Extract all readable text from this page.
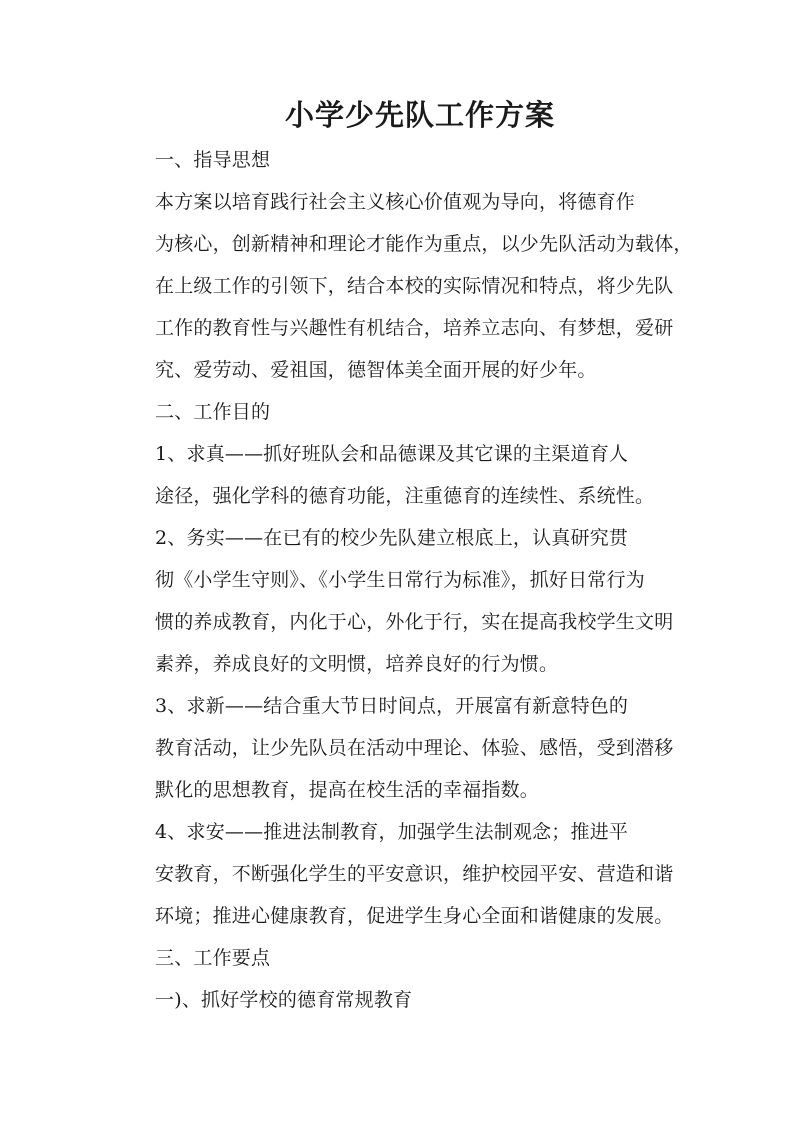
小学少先队工作方案
一、指导思想
本方案以培育践行社会主义核心价值观为导向，将德育作
为核心，创新精神和理论才能作为重点，以少先队活动为载体，
在上级工作的引领下，结合本校的实际情况和特点，将少先队
工作的教育性与兴趣性有机结合，培养立志向、有梦想，爱研
究、爱劳动、爱祖国，德智体美全面开展的好少年。
二、工作目的
1、求真——抓好班队会和品德课及其它课的主渠道育人
途径，强化学科的德育功能，注重德育的连续性、系统性。
2、务实——在已有的校少先队建立根底上，认真研究贯
彻《小学生守则》、《小学生日常行为标准》，抓好日常行为
惯的养成教育，内化于心，外化于行，实在提高我校学生文明
素养，养成良好的文明惯，培养良好的行为惯。
3、求新——结合重大节日时间点，开展富有新意特色的
教育活动，让少先队员在活动中理论、体验、感悟，受到潜移
默化的思想教育，提高在校生活的幸福指数。
4、求安——推进法制教育，加强学生法制观念；推进平
安教育，不断强化学生的平安意识，维护校园平安、营造和谐
环境；推进心健康教育，促进学生身心全面和谐健康的发展。
三、工作要点
一)、抓好学校的德育常规教育
